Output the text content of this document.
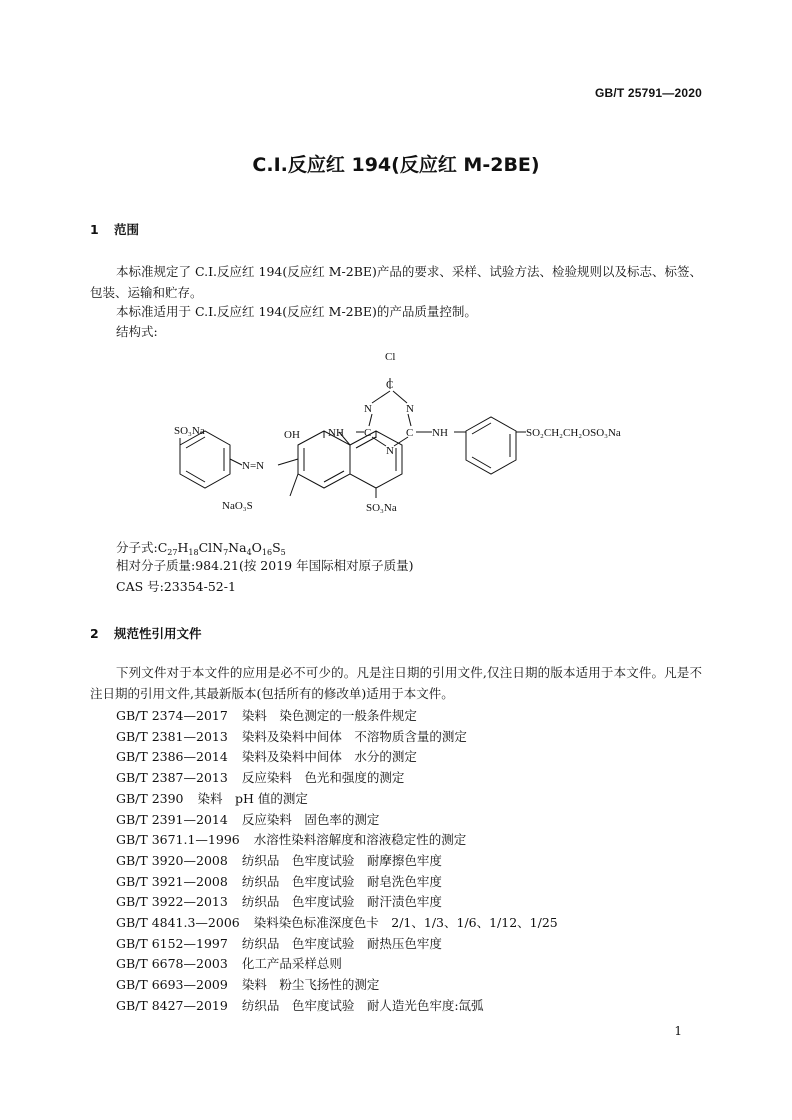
GB/T 25791—2020
C.I.反应红 194(反应红 M-2BE)
1 范围
本标准规定了 C.I.反应红 194(反应红 M-2BE)产品的要求、采样、试验方法、检验规则以及标志、标签、包装、运输和贮存。
本标准适用于 C.I.反应红 194(反应红 M-2BE)的产品质量控制。
结构式:
Cl
C
N	N
C	C
N
NH	NH
OH
SO₃Na
N=N
NaO₃S	SO₃Na
SO₂CH₂CH₂OSO₃Na
分子式$:C_{27}H_{18}ClN_7Na_4O_{16}S_5$
相对分子质量:984.21(按 2019 年国际相对原子质量)
CAS 号:23354-52-1
2 规范性引用文件
下列文件对于本文件的应用是必不可少的。凡是注日期的引用文件,仅注日期的版本适用于本文件。凡是不注日期的引用文件,其最新版本(包括所有的修改单)适用于本文件。
GB/T 2374—2017 染料　染色测定的一般条件规定
GB/T 2381—2013 染料及染料中间体　不溶物质含量的测定
GB/T 2386—2014 染料及染料中间体　水分的测定
GB/T 2387—2013 反应染料　色光和强度的测定
GB/T 2390 染料　pH 值的测定
GB/T 2391—2014 反应染料　固色率的测定
GB/T 3671.1—1996 水溶性染料溶解度和溶液稳定性的测定
GB/T 3920—2008 纺织品　色牢度试验　耐摩擦色牢度
GB/T 3921—2008 纺织品　色牢度试验　耐皂洗色牢度
GB/T 3922—2013 纺织品　色牢度试验　耐汗渍色牢度
GB/T 4841.3—2006 染料染色标准深度色卡　2/1、1/3、1/6、1/12、1/25
GB/T 6152—1997 纺织品　色牢度试验　耐热压色牢度
GB/T 6678—2003 化工产品采样总则
GB/T 6693—2009 染料　粉尘飞扬性的测定
GB/T 8427—2019 纺织品　色牢度试验　耐人造光色牢度:氙弧
1
